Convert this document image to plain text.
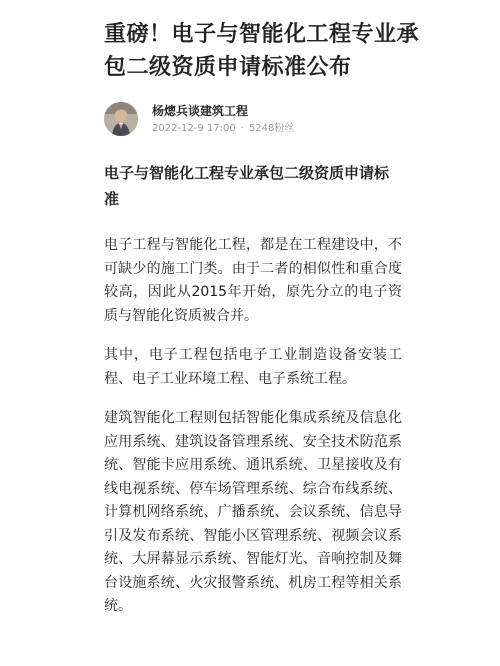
重磅！电子与智能化工程专业承包二级资质申请标准公布
杨熜兵谈建筑工程
2022-12-9 17:00 · 5248粉丝
电子与智能化工程专业承包二级资质申请标准

电子工程与智能化工程，都是在工程建设中，不可缺少的施工门类。由于二者的相似性和重合度较高，因此从2015年开始，原先分立的电子资质与智能化资质被合并。

其中，电子工程包括电子工业制造设备安装工程、电子工业环境工程、电子系统工程。

建筑智能化工程则包括智能化集成系统及信息化应用系统、建筑设备管理系统、安全技术防范系统、智能卡应用系统、通讯系统、卫星接收及有线电视系统、停车场管理系统、综合布线系统、计算机网络系统、广播系统、会议系统、信息导引及发布系统、智能小区管理系统、视频会议系统、大屏幕显示系统、智能灯光、音响控制及舞台设施系统、火灾报警系统、机房工程等相关系统。
